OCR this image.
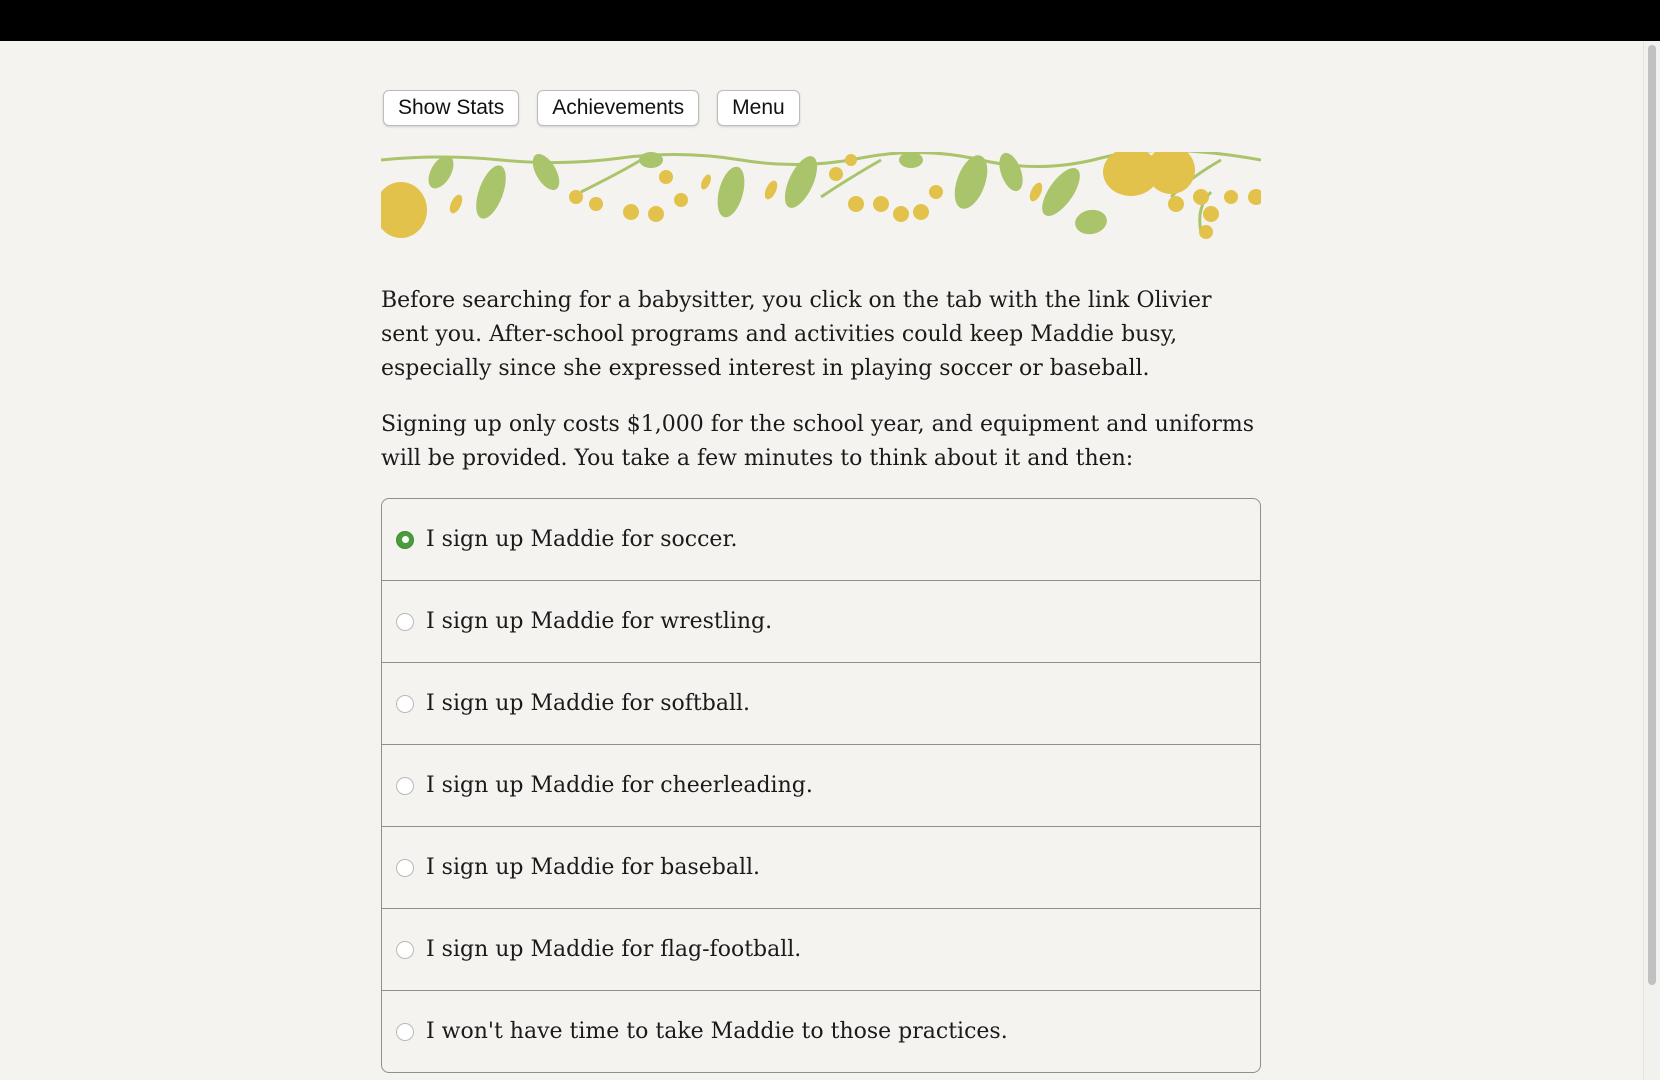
Show Stats	Achievements	Menu

Before searching for a babysitter, you click on the tab with the link Olivier sent you. After-school programs and activities could keep Maddie busy, especially since she expressed interest in playing soccer or baseball.

Signing up only costs $1,000 for the school year, and equipment and uniforms will be provided. You take a few minutes to think about it and then:

I sign up Maddie for soccer.
I sign up Maddie for wrestling.
I sign up Maddie for softball.
I sign up Maddie for cheerleading.
I sign up Maddie for baseball.
I sign up Maddie for flag-football.
I won't have time to take Maddie to those practices.
